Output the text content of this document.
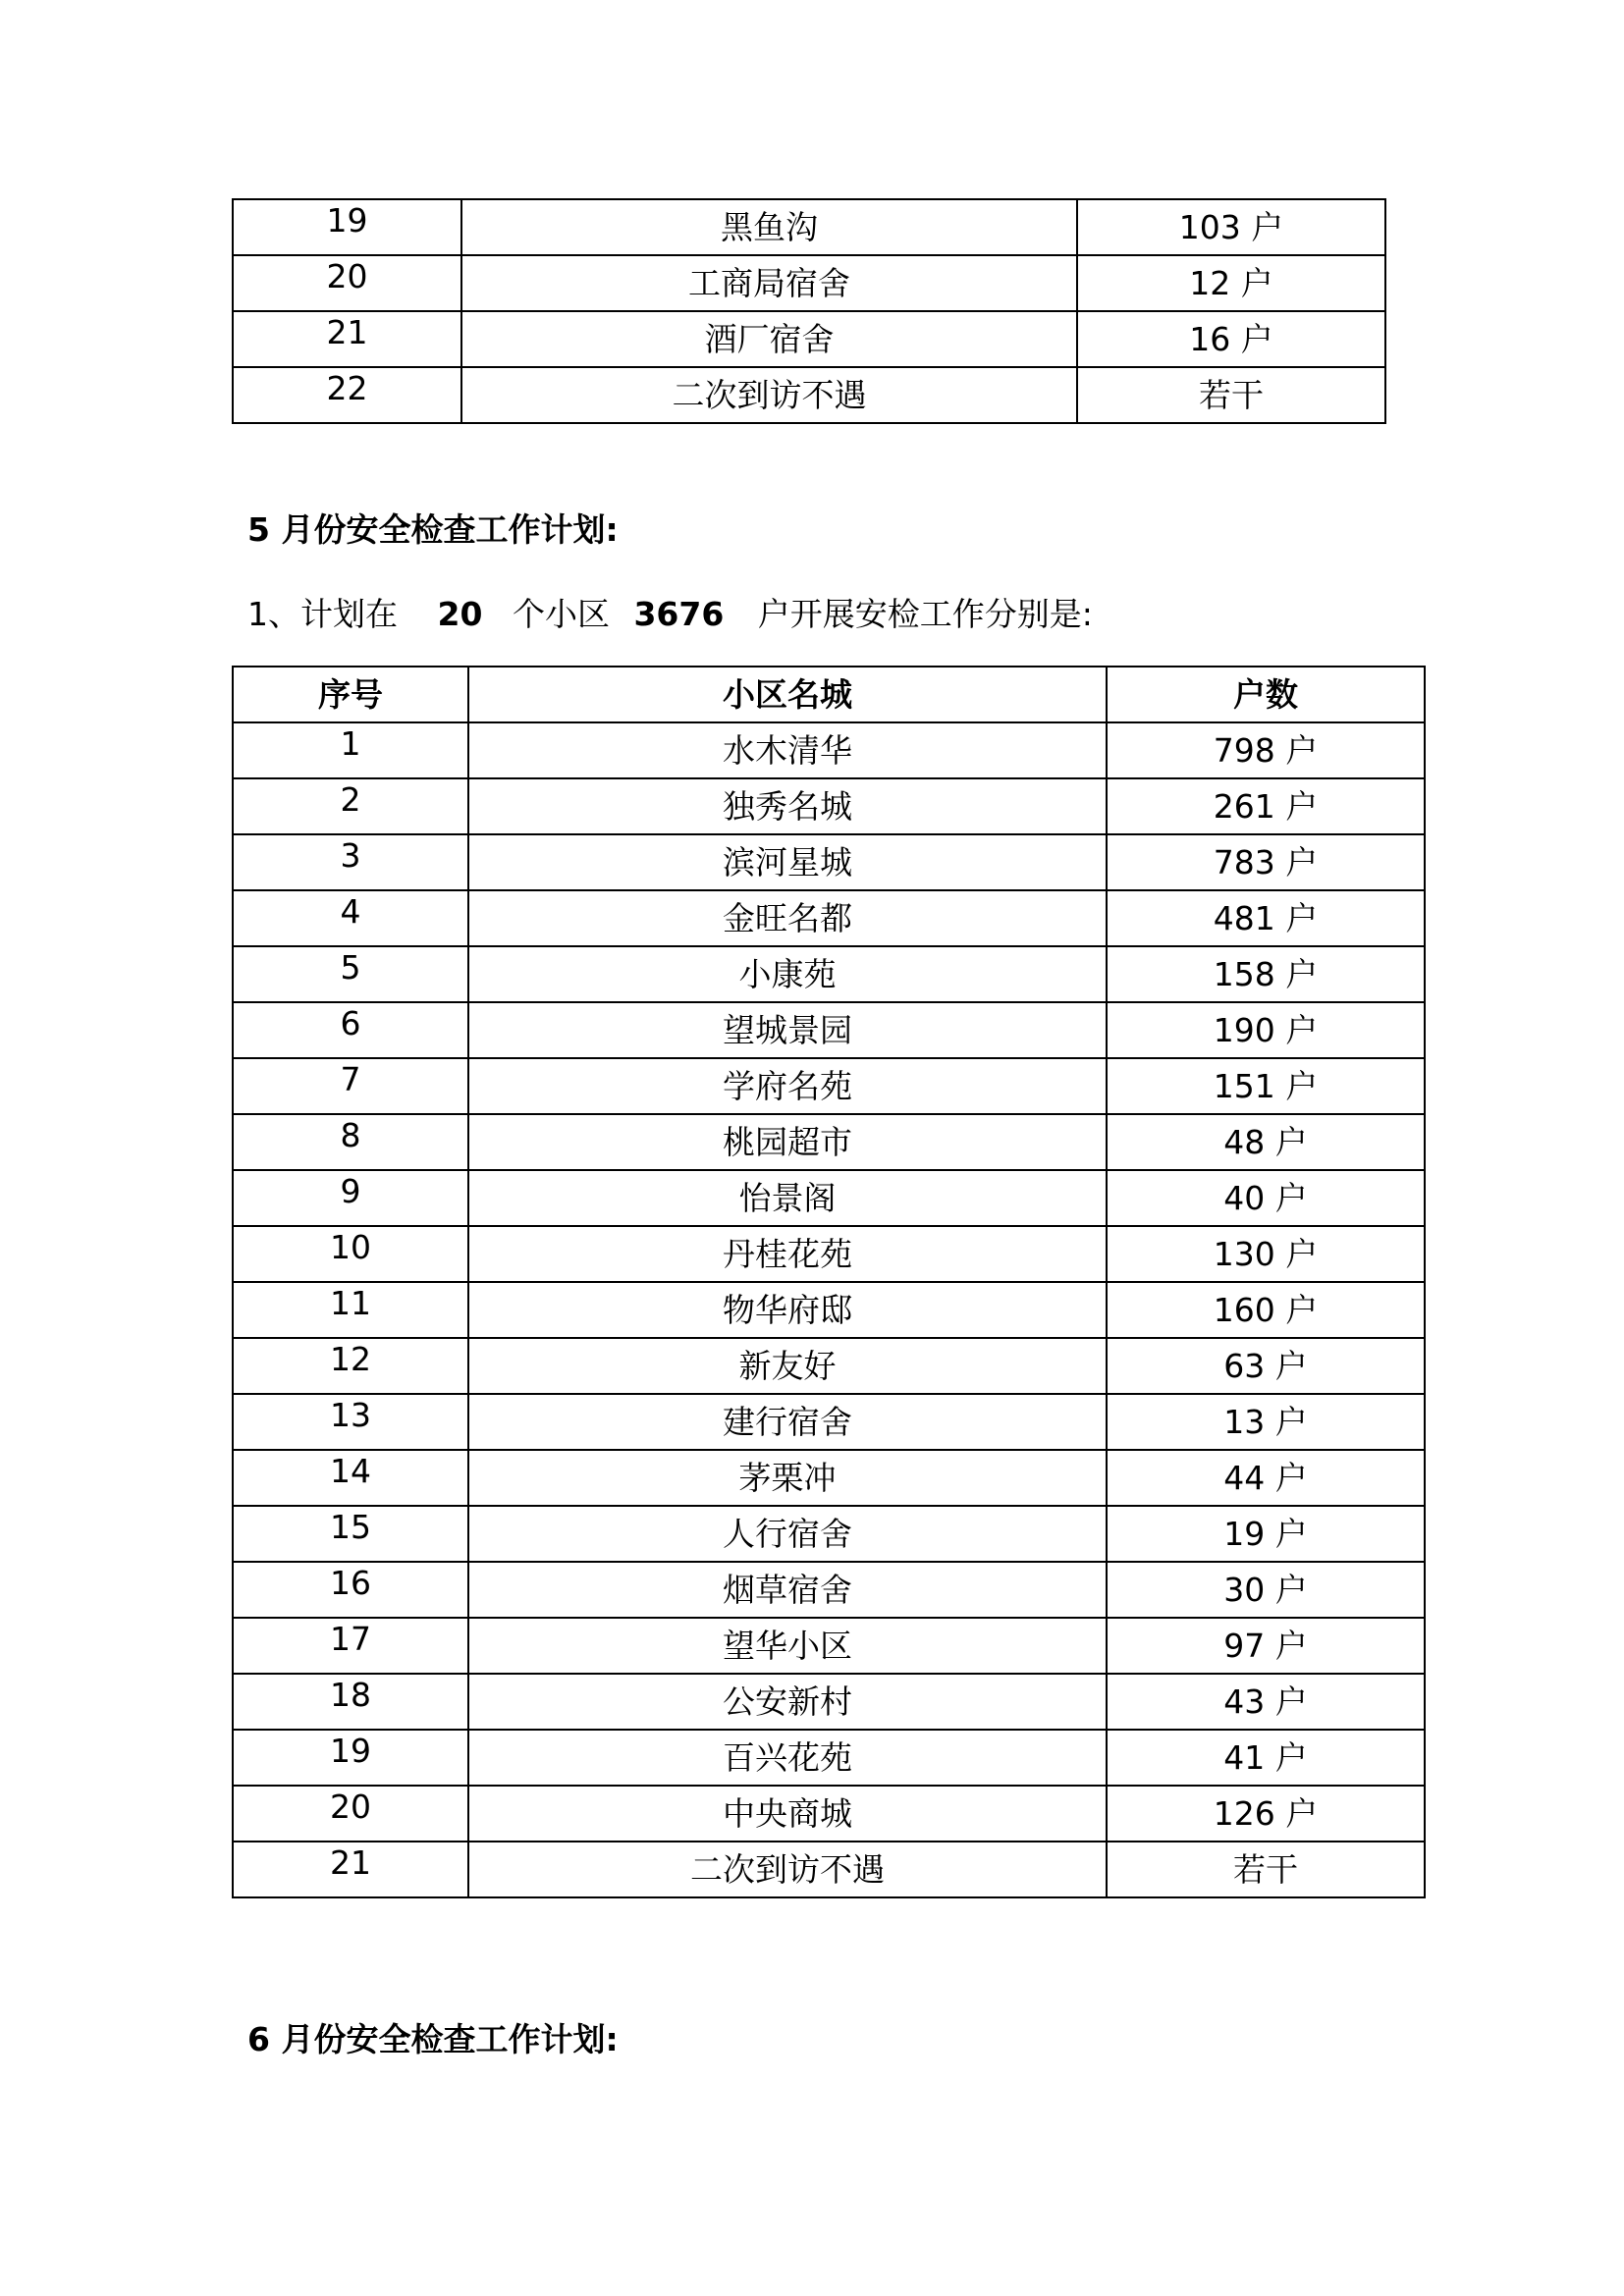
19	黑鱼沟	103 户
20	工商局宿舍	12 户
21	酒厂宿舍	16 户
22	二次到访不遇	若干
5 月份安全检查工作计划:
1、计划在 20 个小区 3676 户开展安检工作分别是:
序号	小区名城	户数
1	水木清华	798 户
2	独秀名城	261 户
3	滨河星城	783 户
4	金旺名都	481 户
5	小康苑	158 户
6	望城景园	190 户
7	学府名苑	151 户
8	桃园超市	48 户
9	怡景阁	40 户
10	丹桂花苑	130 户
11	物华府邸	160 户
12	新友好	63 户
13	建行宿舍	13 户
14	茅栗冲	44 户
15	人行宿舍	19 户
16	烟草宿舍	30 户
17	望华小区	97 户
18	公安新村	43 户
19	百兴花苑	41 户
20	中央商城	126 户
21	二次到访不遇	若干
6 月份安全检查工作计划:
